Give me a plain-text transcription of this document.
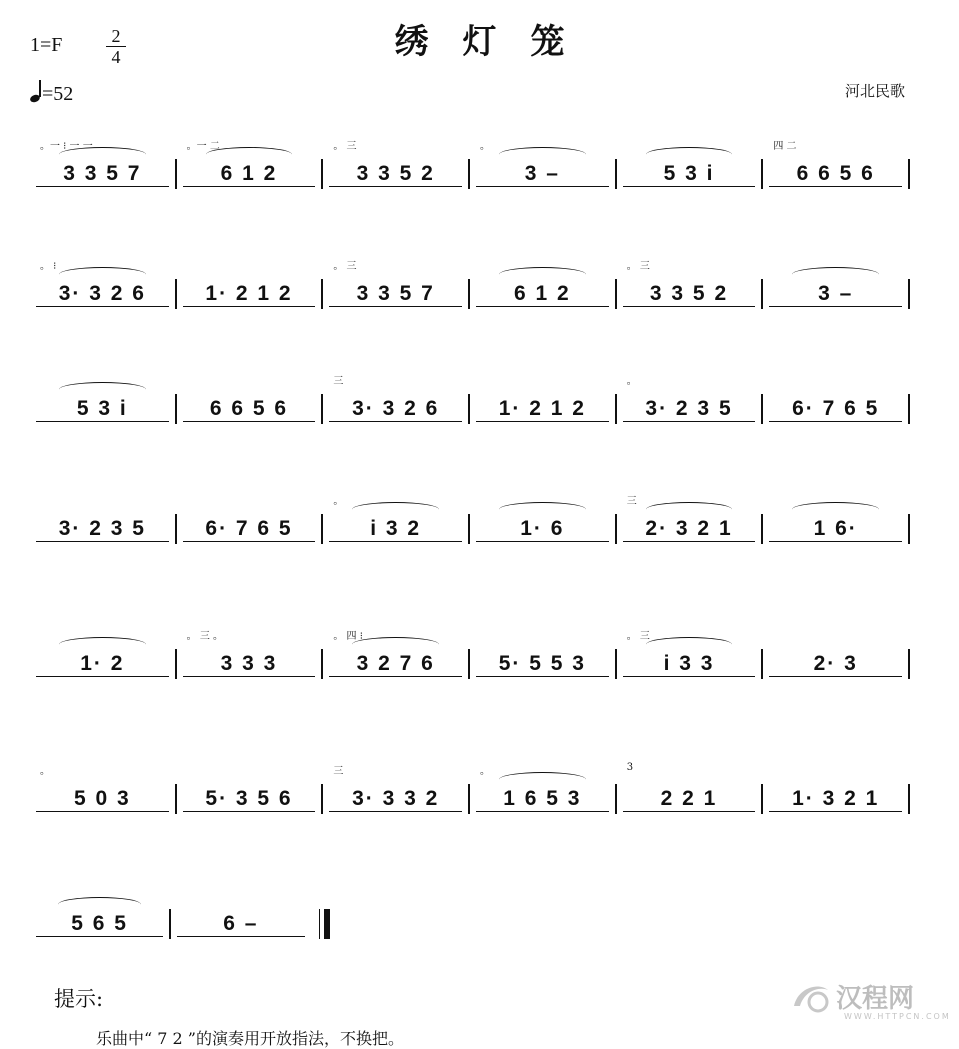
绣灯笼
1=F	2
4
=52	河北民歌
。一 ⁝ 一 一
3 3 5 7
。一 二
6 1 2
。 三
3 3 5 2
。
3 –	5 3 i
四 二
6 6 5 6
。 ⁝
3· 3 2 6	1· 2 1 2
。 三
3 3 5 7	6 1 2
。 三
3 3 5 2	3 –
5 3 i	6 6 5 6
三
3· 3 2 6	1· 2 1 2
。
3· 2 3 5	6· 7 6 5
3· 2 3 5	6· 7 6 5
。
i 3 2	1· 6
三
2· 3 2 1	1 6·
1· 2
。 三 。
3 3 3
。 四 ⁝
3 2 7 6	5· 5 5 3
。 三
i 3 3	2· 3
。
5 0 3	5· 3 5 6
三
3· 3 3 2
。
1 6 5 3
3
2 2 1	1· 3 2 1
5 6 5	6 –
提示:
乐曲中“ 7 2 ”的演奏用开放指法，不换把。
汉程网
WWW.HTTPCN.COM
